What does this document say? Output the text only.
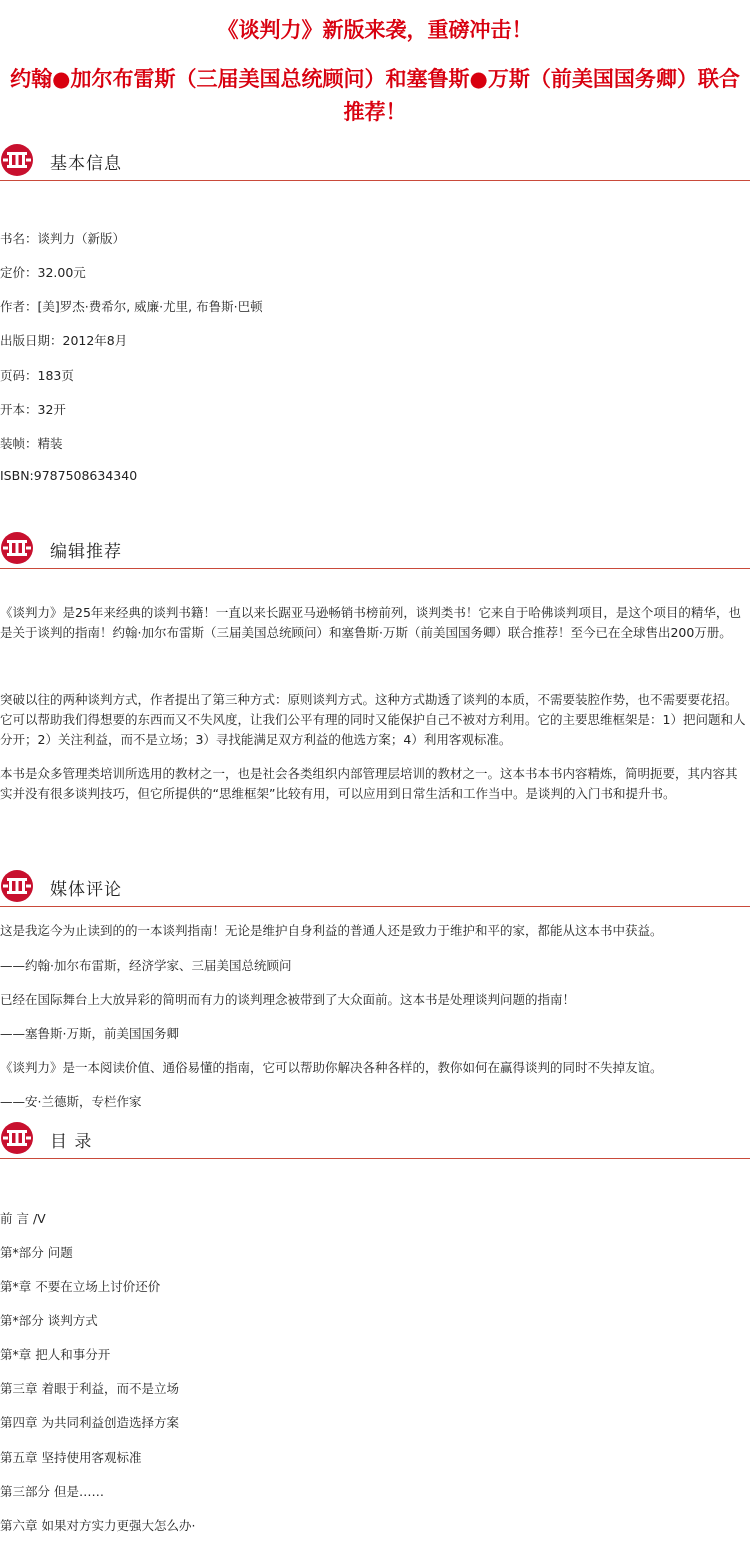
《谈判力》新版来袭，重磅冲击！
约翰●加尔布雷斯（三届美国总统顾问）和塞鲁斯●万斯（前美国国务卿）联合推荐！
基本信息
书名：谈判力（新版）
定价：32.00元
作者：[美]罗杰·费希尔, 威廉·尤里, 布鲁斯·巴顿
出版日期：2012年8月
页码：183页
开本：32开
装帧：精装
ISBN:9787508634340
编辑推荐
《谈判力》是25年来经典的谈判书籍！一直以来长踞亚马逊畅销书榜前列，谈判类书！它来自于哈佛谈判项目，是这个项目的精华，也是关于谈判的指南！约翰·加尔布雷斯（三届美国总统顾问）和塞鲁斯·万斯（前美国国务卿）联合推荐！至今已在全球售出200万册。
突破以往的两种谈判方式，作者提出了第三种方式：原则谈判方式。这种方式勘透了谈判的本质，不需要装腔作势，也不需要要花招。它可以帮助我们得想要的东西而又不失风度，让我们公平有理的同时又能保护自己不被对方利用。它的主要思维框架是：1）把问题和人分开；2）关注利益，而不是立场；3）寻找能满足双方利益的他选方案；4）利用客观标准。
本书是众多管理类培训所选用的教材之一，也是社会各类组织内部管理层培训的教材之一。这本书本书内容精炼，简明扼要，其内容其实并没有很多谈判技巧，但它所提供的“思维框架”比较有用，可以应用到日常生活和工作当中。是谈判的入门书和提升书。
媒体评论
这是我迄今为止读到的的一本谈判指南！无论是维护自身利益的普通人还是致力于维护和平的家，都能从这本书中获益。
——约翰·加尔布雷斯，经济学家、三届美国总统顾问
已经在国际舞台上大放异彩的简明而有力的谈判理念被带到了大众面前。这本书是处理谈判问题的指南！
——塞鲁斯·万斯，前美国国务卿
《谈判力》是一本阅读价值、通俗易懂的指南，它可以帮助你解决各种各样的，教你如何在赢得谈判的同时不失掉友谊。
——安·兰德斯，专栏作家
目 录
前 言 /V
第*部分 问题
第*章 不要在立场上讨价还价
第*部分 谈判方式
第*章 把人和事分开
第三章 着眼于利益，而不是立场
第四章 为共同利益创造选择方案
第五章 坚持使用客观标准
第三部分 但是……
第六章 如果对方实力更强大怎么办·
